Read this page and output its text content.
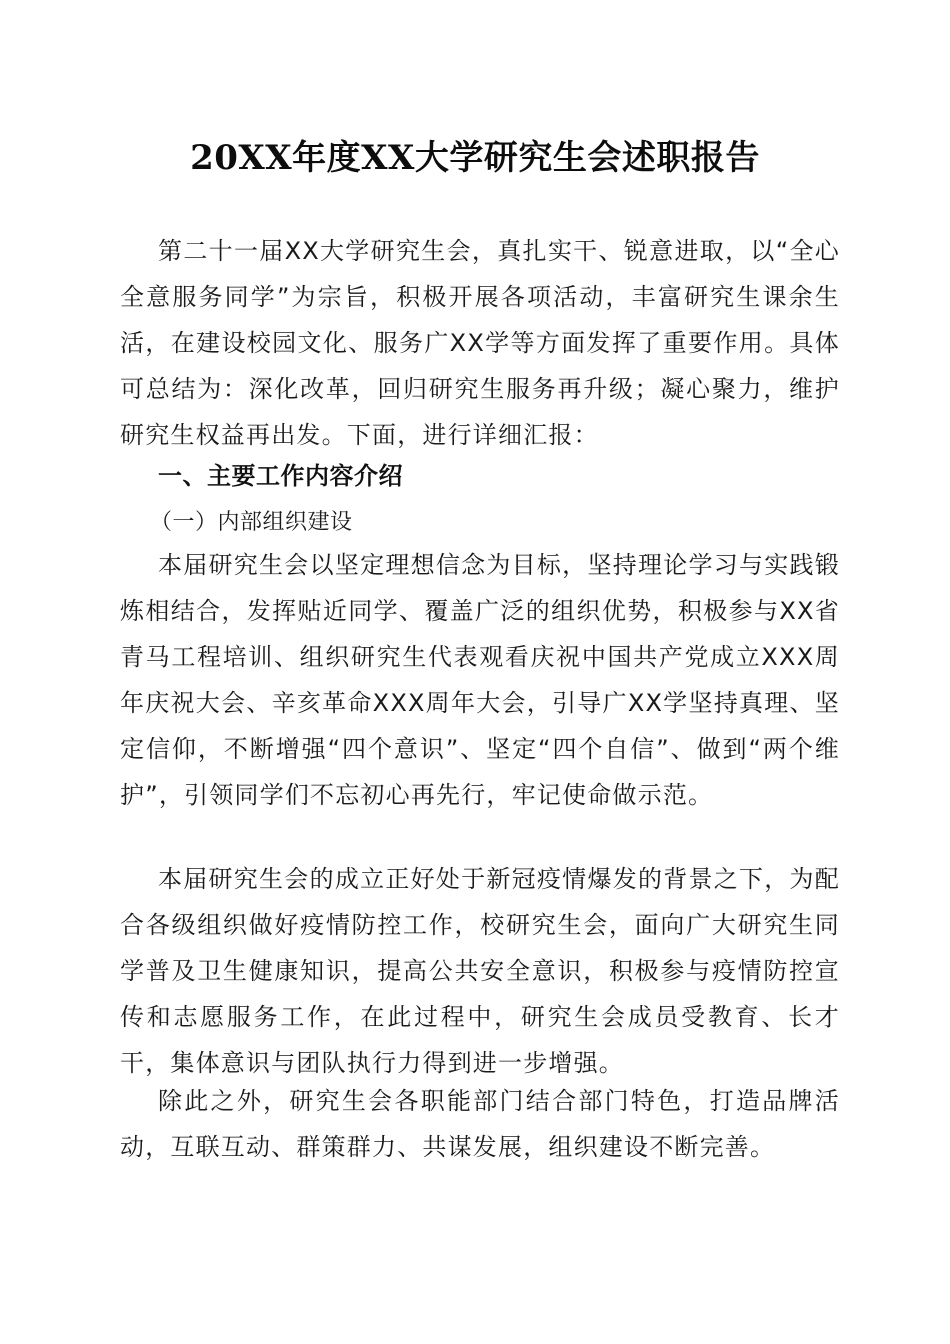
20XX年度XX大学研究生会述职报告

第二十一届XX大学研究生会，真扎实干、锐意进取，以“全心全意服务同学”为宗旨，积极开展各项活动，丰富研究生课余生活，在建设校园文化、服务广XX学等方面发挥了重要作用。具体可总结为：深化改革，回归研究生服务再升级；凝心聚力，维护研究生权益再出发。下面，进行详细汇报：

一、主要工作内容介绍
（一）内部组织建设

本届研究生会以坚定理想信念为目标，坚持理论学习与实践锻炼相结合，发挥贴近同学、覆盖广泛的组织优势，积极参与XX省青马工程培训、组织研究生代表观看庆祝中国共产党成立XXX周年庆祝大会、辛亥革命XXX周年大会，引导广XX学坚持真理、坚定信仰，不断增强“四个意识”、坚定“四个自信”、做到“两个维护”，引领同学们不忘初心再先行，牢记使命做示范。

本届研究生会的成立正好处于新冠疫情爆发的背景之下，为配合各级组织做好疫情防控工作，校研究生会，面向广大研究生同学普及卫生健康知识，提高公共安全意识，积极参与疫情防控宣传和志愿服务工作，在此过程中，研究生会成员受教育、长才干，集体意识与团队执行力得到进一步增强。

除此之外，研究生会各职能部门结合部门特色，打造品牌活动，互联互动、群策群力、共谋发展，组织建设不断完善。
